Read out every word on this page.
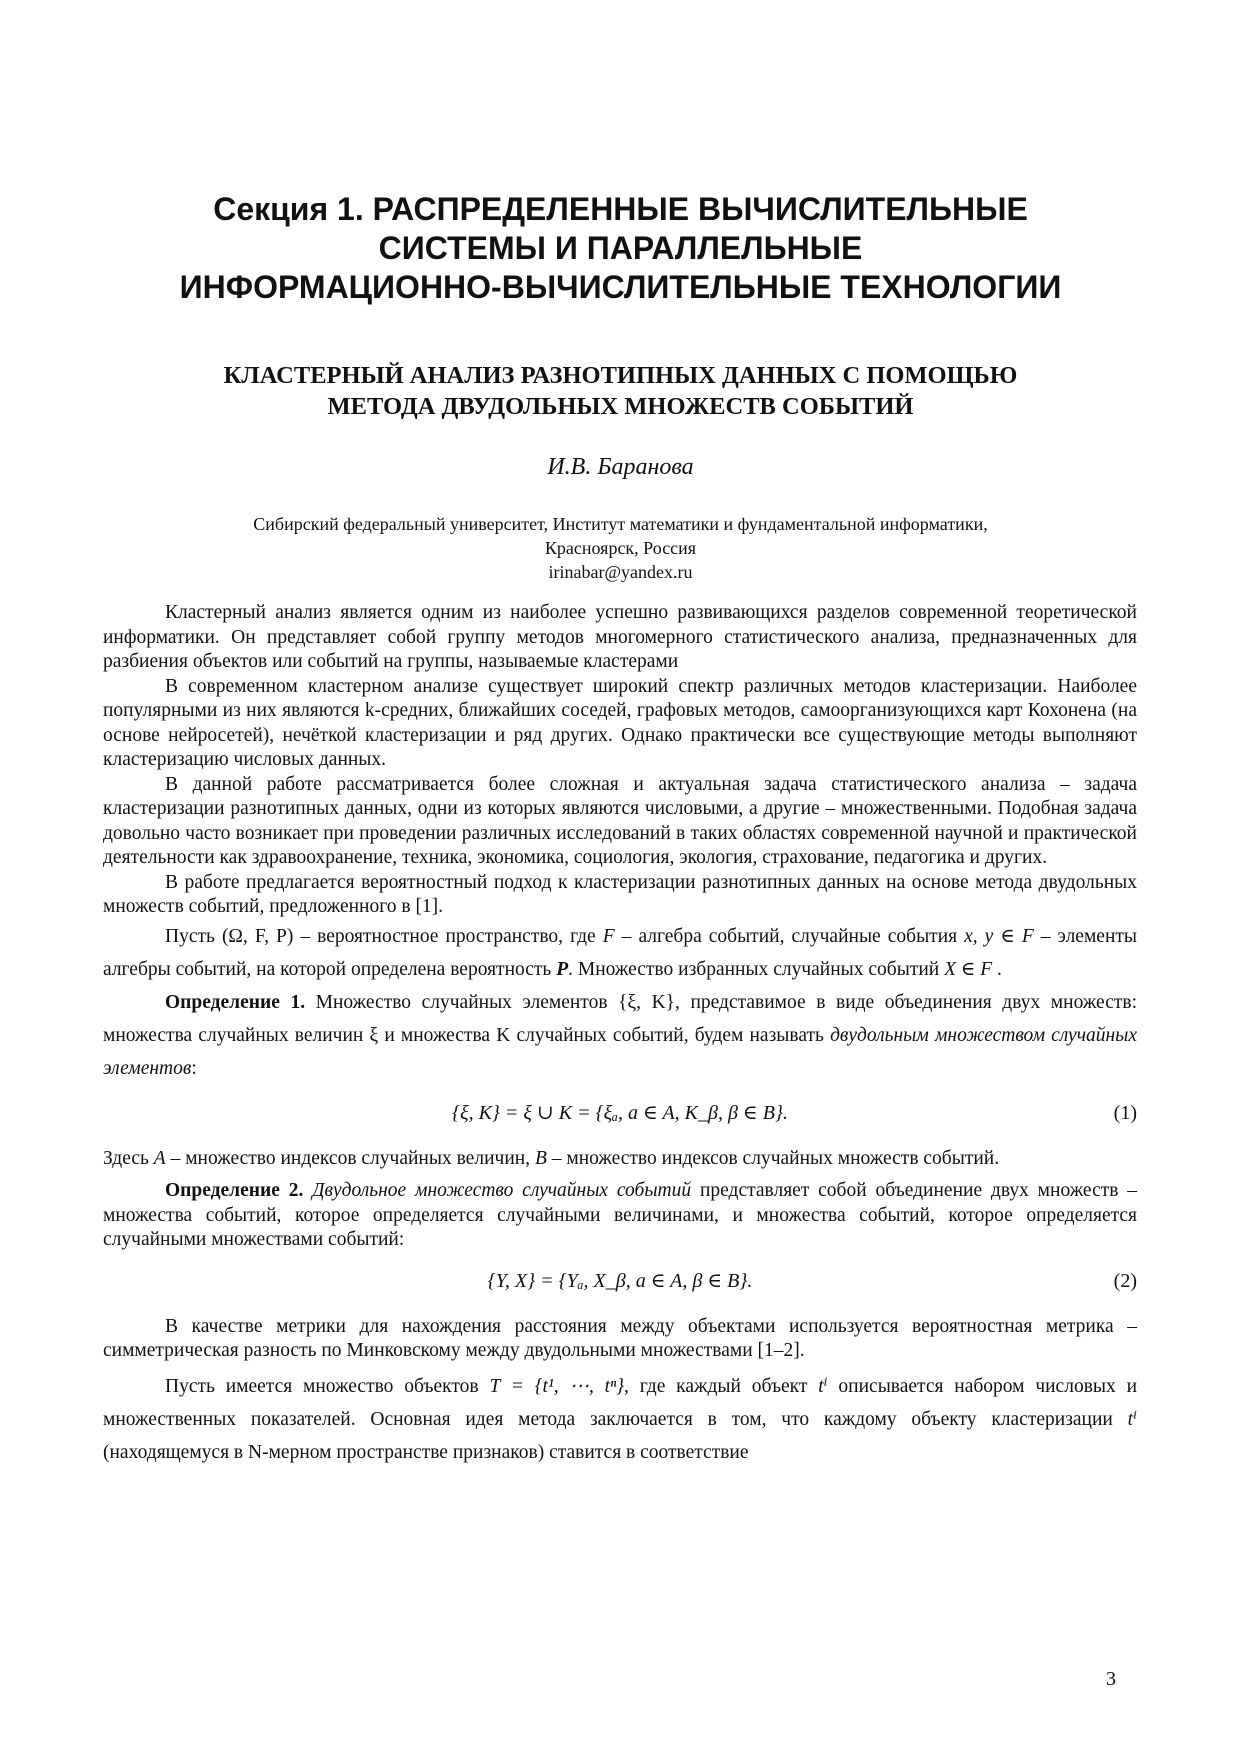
Секция 1. РАСПРЕДЕЛЕННЫЕ ВЫЧИСЛИТЕЛЬНЫЕ
СИСТЕМЫ И ПАРАЛЛЕЛЬНЫЕ
ИНФОРМАЦИОННО-ВЫЧИСЛИТЕЛЬНЫЕ ТЕХНОЛОГИИ
КЛАСТЕРНЫЙ АНАЛИЗ РАЗНОТИПНЫХ ДАННЫХ С ПОМОЩЬЮ
МЕТОДА ДВУДОЛЬНЫХ МНОЖЕСТВ СОБЫТИЙ
И.В. Баранова
Сибирский федеральный университет, Институт математики и фундаментальной информатики,
Красноярск, Россия
irinabar@yandex.ru

Кластерный анализ является одним из наиболее успешно развивающихся разделов современной теоретической информатики. Он представляет собой группу методов многомерного статистического анализа, предназначенных для разбиения объектов или событий на группы, называемые кластерами

В современном кластерном анализе существует широкий спектр различных методов кластеризации. Наиболее популярными из них являются k-средних, ближайших соседей, графовых методов, самоорганизующихся карт Кохонена (на основе нейросетей), нечёткой кластеризации и ряд других. Однако практически все существующие методы выполняют кластеризацию числовых данных.

В данной работе рассматривается более сложная и актуальная задача статистического анализа – задача кластеризации разнотипных данных, одни из которых являются числовыми, а другие – множественными. Подобная задача довольно часто возникает при проведении различных исследований в таких областях современной научной и практической деятельности как здравоохранение, техника, экономика, социология, экология, страхование, педагогика и других.

В работе предлагается вероятностный подход к кластеризации разнотипных данных на основе метода двудольных множеств событий, предложенного в [1].

Пусть (Ω, F, P) – вероятностное пространство, где F – алгебра событий, случайные события x, y ∈ F – элементы алгебры событий, на которой определена вероятность P. Множество избранных случайных событий Χ ∈ F .

Определение 1. Множество случайных элементов {ξ, Κ}, представимое в виде объединения двух множеств: множества случайных величин ξ и множества Κ случайных событий, будем называть двудольным множеством случайных элементов:

{ξ, Κ} = ξ ∪ K = {ξₐ, a ∈ A, K_β, β ∈ B}.	(1)

Здесь A – множество индексов случайных величин, B – множество индексов случайных множеств событий.

Определение 2. Двудольное множество случайных событий представляет собой объединение двух множеств – множества событий, которое определяется случайными величинами, и множества событий, которое определяется случайными множествами событий:

{Y, Χ} = {Yₐ, X_β, a ∈ A, β ∈ B}.	(2)

В качестве метрики для нахождения расстояния между объектами используется вероятностная метрика – симметрическая разность по Минковскому между двудольными множествами [1–2].

Пусть имеется множество объектов T = {t¹, ⋯, tⁿ}, где каждый объект tⁱ описывается набором числовых и множественных показателей. Основная идея метода заключается в том, что каждому объекту кластеризации tⁱ (находящемуся в N-мерном пространстве признаков) ставится в соответствие

3
